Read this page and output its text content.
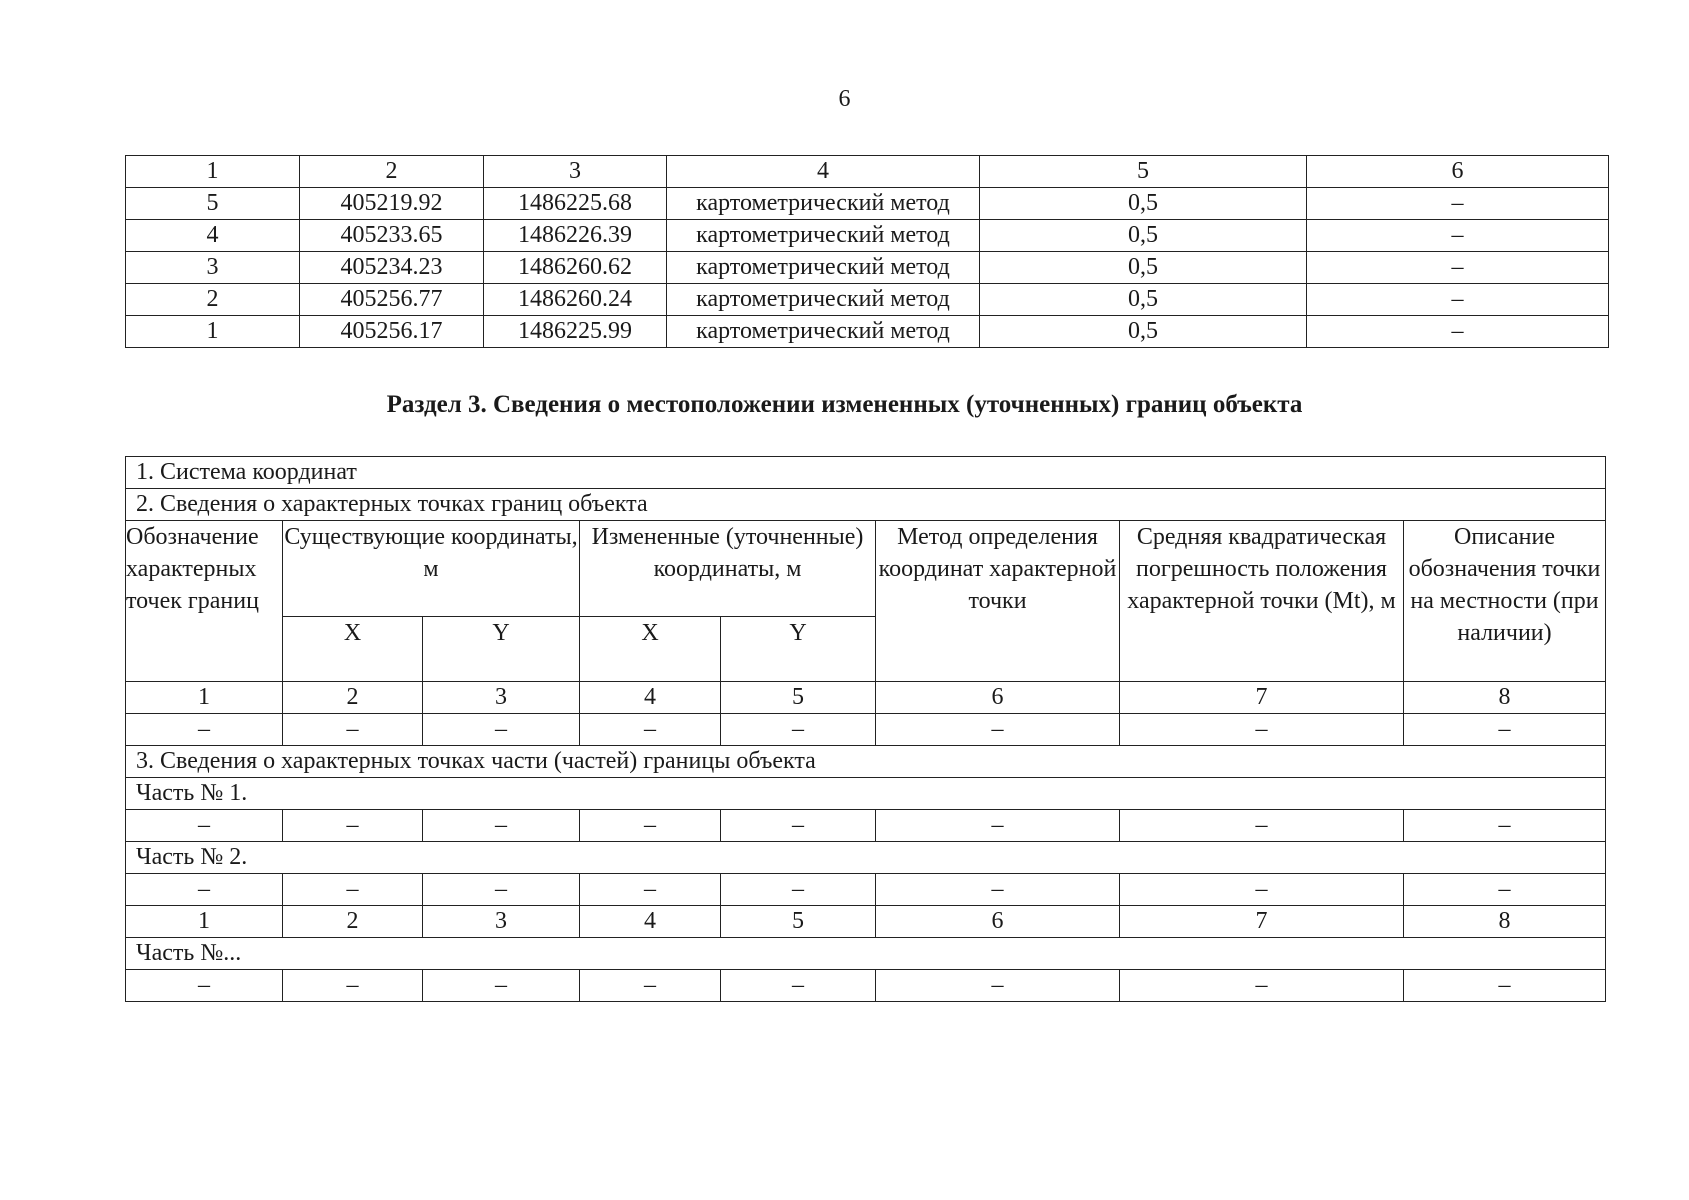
6
1	2	3	4	5	6
5	405219.92	1486225.68	картометрический метод	0,5	–
4	405233.65	1486226.39	картометрический метод	0,5	–
3	405234.23	1486260.62	картометрический метод	0,5	–
2	405256.77	1486260.24	картометрический метод	0,5	–
1	405256.17	1486225.99	картометрический метод	0,5	–
Раздел 3. Сведения о местоположении измененных (уточненных) границ объекта
1. Система координат							
2. Сведения о характерных точках границ объекта							
Обозначение характерных точек границ	Существующие координаты, м		Измененные (уточненные) координаты, м		Метод определения координат характерной точки	Средняя квадратическая погрешность положения характерной точки (Mt), м	Описание обозначения точки на местности (при наличии)
	X	Y	X	Y			
1	2	3	4	5	6	7	8
–	–	–	–	–	–	–	–
3. Сведения о характерных точках части (частей) границы объекта							
Часть № 1.							
–	–	–	–	–	–	–	–
Часть № 2.							
–	–	–	–	–	–	–	–
1	2	3	4	5	6	7	8
Часть №...							
–	–	–	–	–	–	–	–
